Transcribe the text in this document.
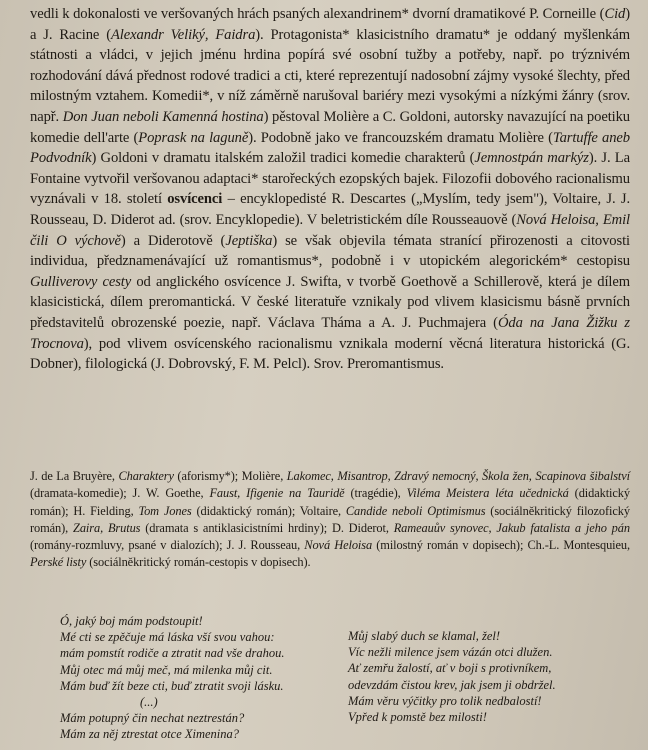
vedli k dokonalosti ve veršovaných hrách psaných alexandrinem* dvorní dramatikové P. Corneille (Cid) a J. Racine (Alexandr Veliký, Faidra). Protagonista* klasicistního dramatu* je oddaný myšlenkám státnosti a vládci, v jejich jménu hrdina popírá své osobní tužby a potřeby, např. po trýznivém rozhodování dává přednost rodové tradici a cti, které reprezentují nadosobní zájmy vysoké šlechty, před milostným vztahem. Komedii*, v níž záměrně narušoval bariéry mezi vysokými a nízkými žánry (srov. např. Don Juan neboli Kamenná hostina) pěstoval Molière a C. Goldoni, autorsky navazující na poetiku komedie dell'arte (Poprask na laguně). Podobně jako ve francouzském dramatu Molière (Tartuffe aneb Podvodník) Goldoni v dramatu italském založil tradici komedie charakterů (Jemnostpán markýz). J. La Fontaine vytvořil veršovanou adaptaci* starořeckých ezopských bajek. Filozofii dobového racionalismu vyznávali v 18. století osvícenci – encyklopedisté R. Descartes („Myslím, tedy jsem"), Voltaire, J. J. Rousseau, D. Diderot ad. (srov. Encyklopedie). V beletristickém díle Rousseauově (Nová Heloisa, Emil čili O výchově) a Diderotově (Jeptiška) se však objevila témata stranící přirozenosti a citovosti individua, předznamenávající už romantismus*, podobně i v utopickém alegorickém* cestopisu Gulliverovy cesty od anglického osvícence J. Swifta, v tvorbě Goethově a Schillerově, která je dílem klasicistická, dílem preromantická. V české literatuře vznikaly pod vlivem klasicismu básně prvních představitelů obrozenské poezie, např. Václava Tháma a A. J. Puchmajera (Óda na Jana Žižku z Trocnova), pod vlivem osvícenského racionalismu vznikala moderní věcná literatura historická (G. Dobner), filologická (J. Dobrovský, F. M. Pelcl). Srov. Preromantismus.
J. de La Bruyère, Charaktery (aforismy*); Molière, Lakomec, Misantrop, Zdravý nemocný, Škola žen, Scapinova šibalství (dramata-komedie); J. W. Goethe, Faust, Ifigenie na Tauridě (tragédie), Viléma Meistera léta učednická (didaktický román); H. Fielding, Tom Jones (didaktický román); Voltaire, Candide neboli Optimismus (sociálněkritický filozofický román), Zaira, Brutus (dramata s antiklasicistními hrdiny); D. Diderot, Rameauův synovec, Jakub fatalista a jeho pán (romány-rozmluvy, psané v dialozích); J. J. Rousseau, Nová Heloisa (milostný román v dopisech); Ch.-L. Montesquieu, Perské listy (sociálněkritický román-cestopis v dopisech).
Ó, jaký boj mám podstoupit!
Mé cti se zpěčuje má láska vší svou vahou:
mám pomstít rodiče a ztratit nad vše drahou.
Můj otec má můj meč, má milenka můj cit.
Mám buď žít beze cti, buď ztratit svoji lásku.
(...)
Mám potupný čin nechat neztrestán?
Mám za něj ztrestat otce Ximenina?
Můj slabý duch se klamal, žel!
Víc nežli milence jsem vázán otci dlužen.
Ať zemřu žalostí, ať v boji s protivníkem,
odevzdám čistou krev, jak jsem ji obdržel.
Mám věru výčitky pro tolik nedbalostí!
Vpřed k pomstě bez milosti!
